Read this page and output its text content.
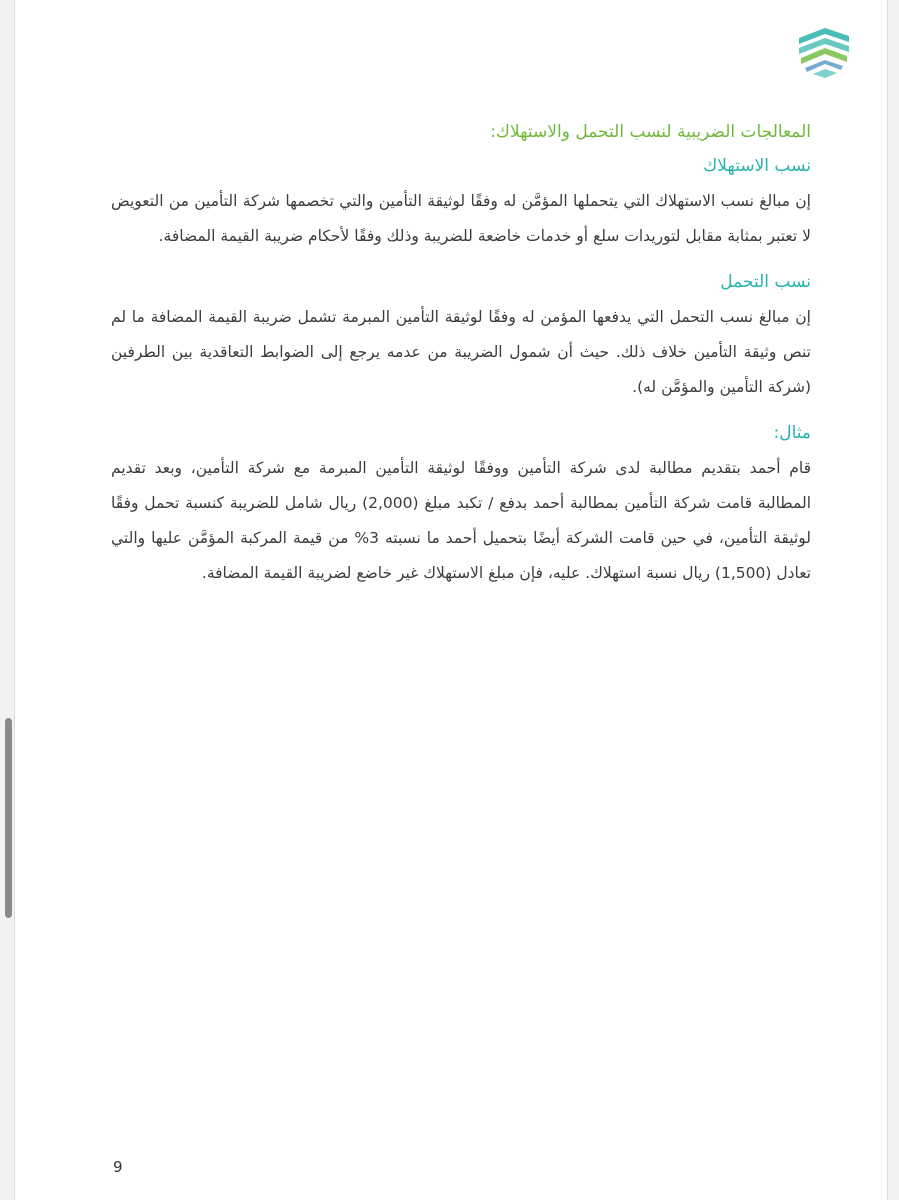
المعالجات الضريبية لنسب التحمل والاستهلاك:
نسب الاستهلاك

إن مبالغ نسب الاستهلاك التي يتحملها المؤمَّن له وفقًا لوثيقة التأمين والتي تخصمها شركة التأمين من التعويض لا تعتبر بمثابة مقابل لتوريدات سلع أو خدمات خاضعة للضريبة وذلك وفقًا لأحكام ضريبة القيمة المضافة.

نسب التحمل

إن مبالغ نسب التحمل التي يدفعها المؤمن له وفقًا لوثيقة التأمين المبرمة تشمل ضريبة القيمة المضافة ما لم تنص وثيقة التأمين خلاف ذلك. حيث أن شمول الضريبة من عدمه يرجع إلى الضوابط التعاقدية بين الطرفين (شركة التأمين والمؤمَّن له).

مثال:

قام أحمد بتقديم مطالبة لدى شركة التأمين ووفقًا لوثيقة التأمين المبرمة مع شركة التأمين، وبعد تقديم المطالبة قامت شركة التأمين بمطالبة أحمد بدفع / تكبد مبلغ (2,000) ريال شامل للضريبة كنسبة تحمل وفقًا لوثيقة التأمين، في حين قامت الشركة أيضًا بتحميل أحمد ما نسبته 3% من قيمة المركبة المؤمَّن عليها والتي تعادل (1,500) ريال نسبة استهلاك. عليه، فإن مبلغ الاستهلاك غير خاضع لضريبة القيمة المضافة.

9
